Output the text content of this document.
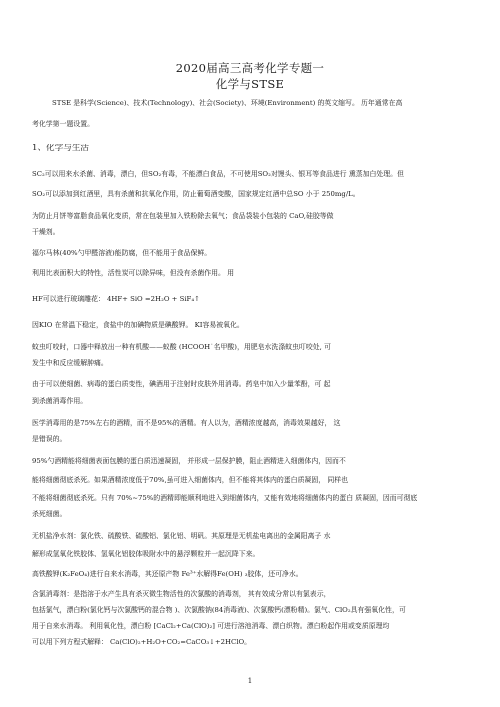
2020届高三高考化学专题一
化学与STSE
STSE 是科学(Science)、技术(Technology)、社会(Society)、环境(Environment) 的英文缩写。 历年通常在高
考化学第一题设置。
1、化学与生活
SC₂可以用来水杀菌、消毒，漂白，但SO₂有毒，不能漂白食品，不可使用SO₂对馒头、银耳等食品进行 熏蒸加白处理。但
SO₂可以添加到红酒里，具有杀菌和抗氧化作用，防止葡萄酒变酸，国家规定红酒中总SO 小于 250mg/L。
为防止月饼等富脂食品氧化变质，常在包装里加入铁粉除去氧气；食品袋装小包装的 CaO,硅胶等做
干燥剂。
福尔马林(40%勺甲醛溶液)能防腐，但不能用于食品保鲜。
利用比表面积大的特性，活性炭可以除异味，但没有杀菌作用。 用
HF可以进行玻璃雕花： 4HF+ SiO =2H₂O + SiF₄↑
因KIO 在常温下稳定，食盐中的加碘物质是碘酸钾。 KI容易被氧化。
蚊虫叮咬时，口器中释放出一种有机酸——蚁酸 (HCOOH˙名甲酸)，用肥皂水洗涤蚊虫叮咬处, 可
发生中和反应缓解肿痛。
由于可以使细菌、病毒的蛋白质变性，碘酒用于注射时皮肤外用消毒。药皂中加入少量苯酚，可 起
到杀菌消毒作用。
医学消毒用的是75%左右的酒精，而不是95%的酒精。有人以为，酒精浓度越高，消毒效果越好， 这
是错误的。
95%勺酒精能将细菌表面包膜的蛋白质迅速凝固， 并形成一层保护膜，阻止酒精进入细菌体内，因而不
能将细菌彻底杀死。如果酒精浓度低于70%,虽可进入细菌体内，但不能将其体内的蛋白质凝固， 同样也
不能将细菌彻底杀死。只有 70%~75%的酒精即能顺利地进入到细菌体内，又能有效地将细菌体内的蛋白 质凝固，因而可彻底
杀死细菌。
无机盐净水剂：氯化铁、硫酸铁、硫酸铝、氯化铝、明矾。其原理是无机盐电离出的金属阳离子 水
解形成氢氧化铁胶体、氢氧化铝胶体吸附水中的悬浮颗粒并一起沉降下来。
高铁酸钾(K₂FeO₄)进行自来水消毒，其还原产物 Fe³⁺水解得Fe(OH) ₃胶体，还可净水。
含氯消毒剂：是指溶于水产生具有杀灭微生物活性的次氯酸的消毒剂， 其有效成分常以有氯表示，
包括氯气，漂白粉(氯化钙与次氯酸钙的混合物 )、次氯酸钠(84消毒液)、次氯酸钙(漂粉精)。氯气、ClO₂具有强氧化性，可
用于自来水消毒。 利用氧化性，漂白粉 [CaCl₂+Ca(ClO)₂] 可进行溶池消毒、漂白织物。漂白粉起作用或变质原理均
可以用下列方程式解释： Ca(ClO)₂+H₂O+CO₂=CaCO₃↓+2HClO。
1
